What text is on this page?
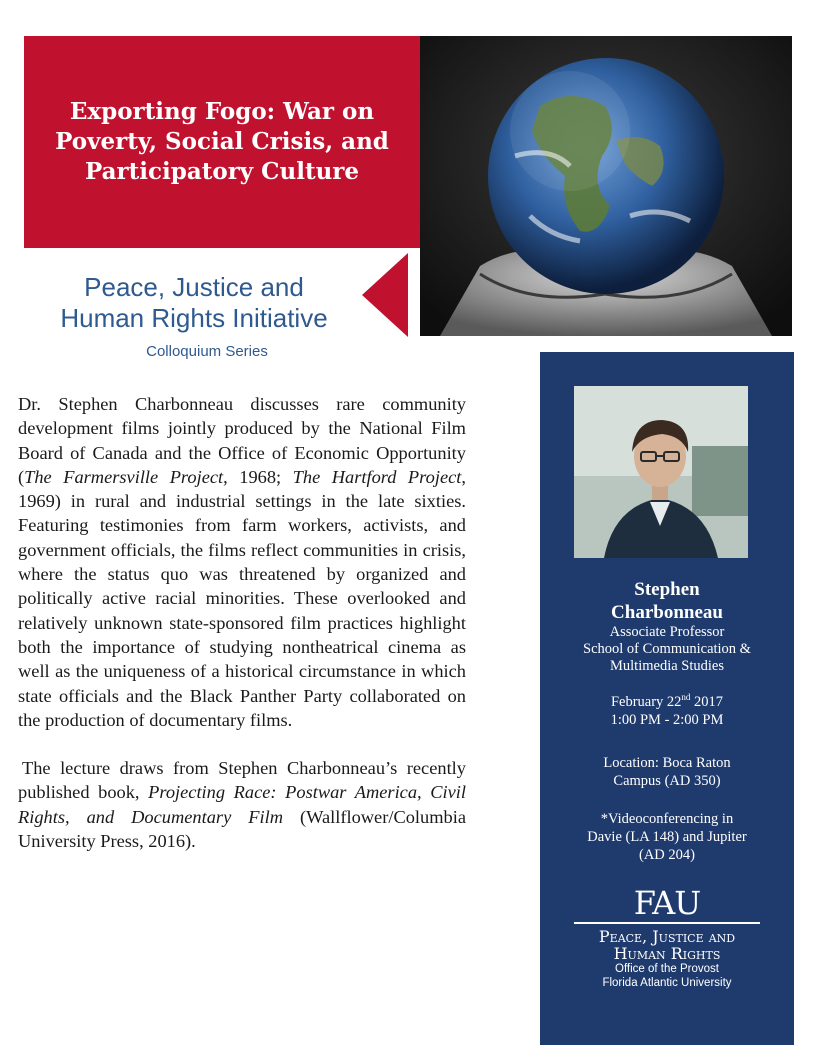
Exporting Fogo: War on Poverty, Social Crisis, and Participatory Culture
Peace, Justice and
Human Rights Initiative
Colloquium Series

Dr. Stephen Charbonneau discusses rare community development films jointly produced by the National Film Board of Canada and the Office of Economic Opportunity (The Farmersville Project, 1968; The Hartford Project, 1969) in rural and industrial settings in the late sixties. Featuring testimonies from farm workers, activists, and government officials, the films reflect communities in crisis, where the status quo was threatened by organized and politically active racial minorities. These overlooked and relatively unknown state-sponsored film practices highlight both the importance of studying nontheatrical cinema as well as the uniqueness of a historical circumstance in which state officials and the Black Panther Party collaborated on the production of documentary films.

The lecture draws from Stephen Charbonneau’s recently published book, Projecting Race: Postwar America, Civil Rights, and Documentary Film (Wallflower/Columbia University Press, 2016).

Stephen
Charbonneau
Associate Professor
School of Communication &
Multimedia Studies
February 22nd 2017
1:00 PM - 2:00 PM
Location: Boca Raton
Campus (AD 350)
*Videoconferencing in
Davie (LA 148) and Jupiter
(AD 204)
FAU
Peace, Justice and
Human Rights
Office of the Provost
Florida Atlantic University
